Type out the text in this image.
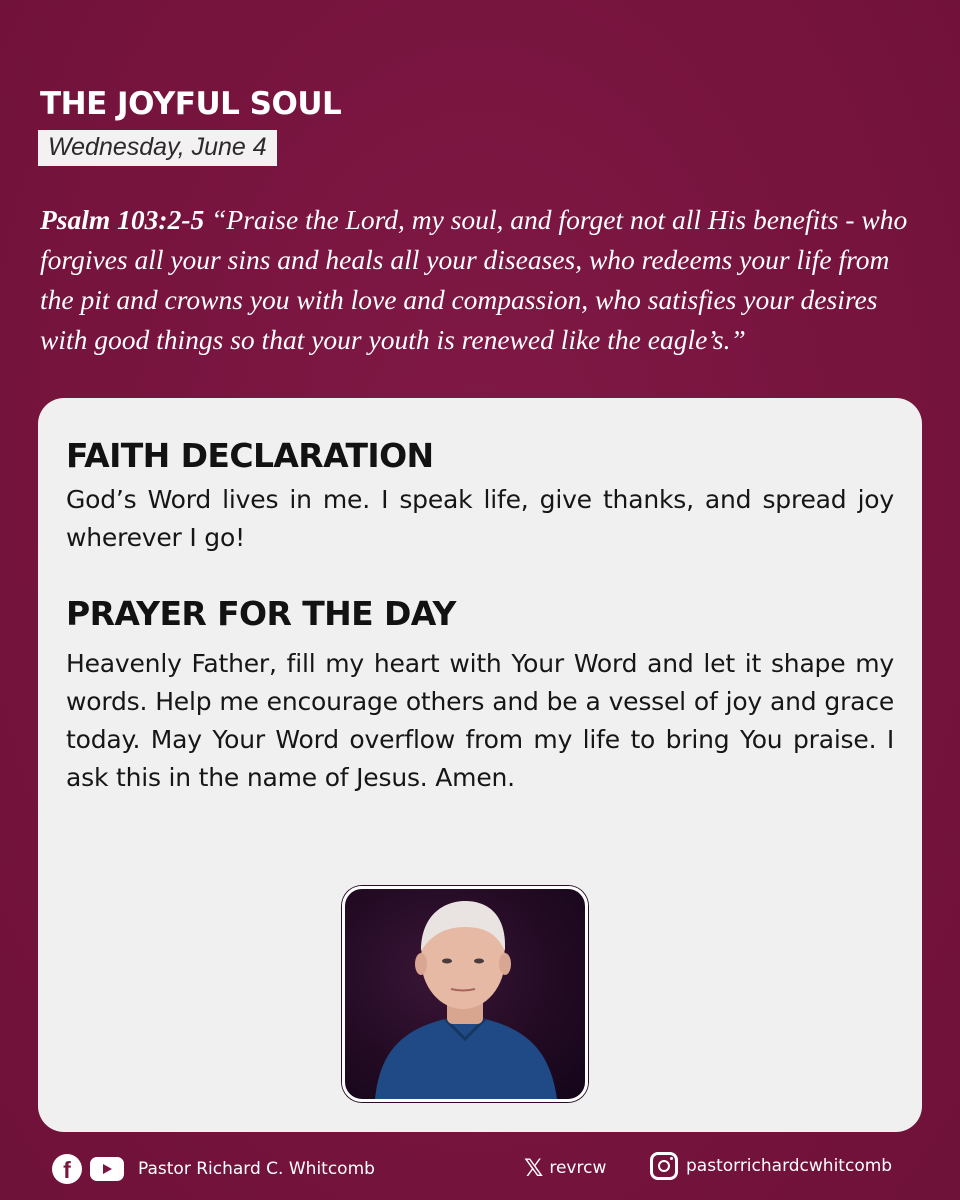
THE JOYFUL SOUL
Wednesday, June 4
Psalm 103:2-5 “Praise the Lord, my soul, and forget not all His benefits - who forgives all your sins and heals all your diseases, who redeems your life from the pit and crowns you with love and compassion, who satisfies your desires with good things so that your youth is renewed like the eagle’s.”
FAITH DECLARATION
God’s Word lives in me. I speak life, give thanks, and spread joy wherever I go!
PRAYER FOR THE DAY
Heavenly Father, fill my heart with Your Word and let it shape my words. Help me encourage others and be a vessel of joy and grace today. May Your Word overflow from my life to bring You praise. I ask this in the name of Jesus. Amen.
f	Pastor Richard C. Whitcomb	𝕏 revrcw	pastorrichardcwhitcomb
